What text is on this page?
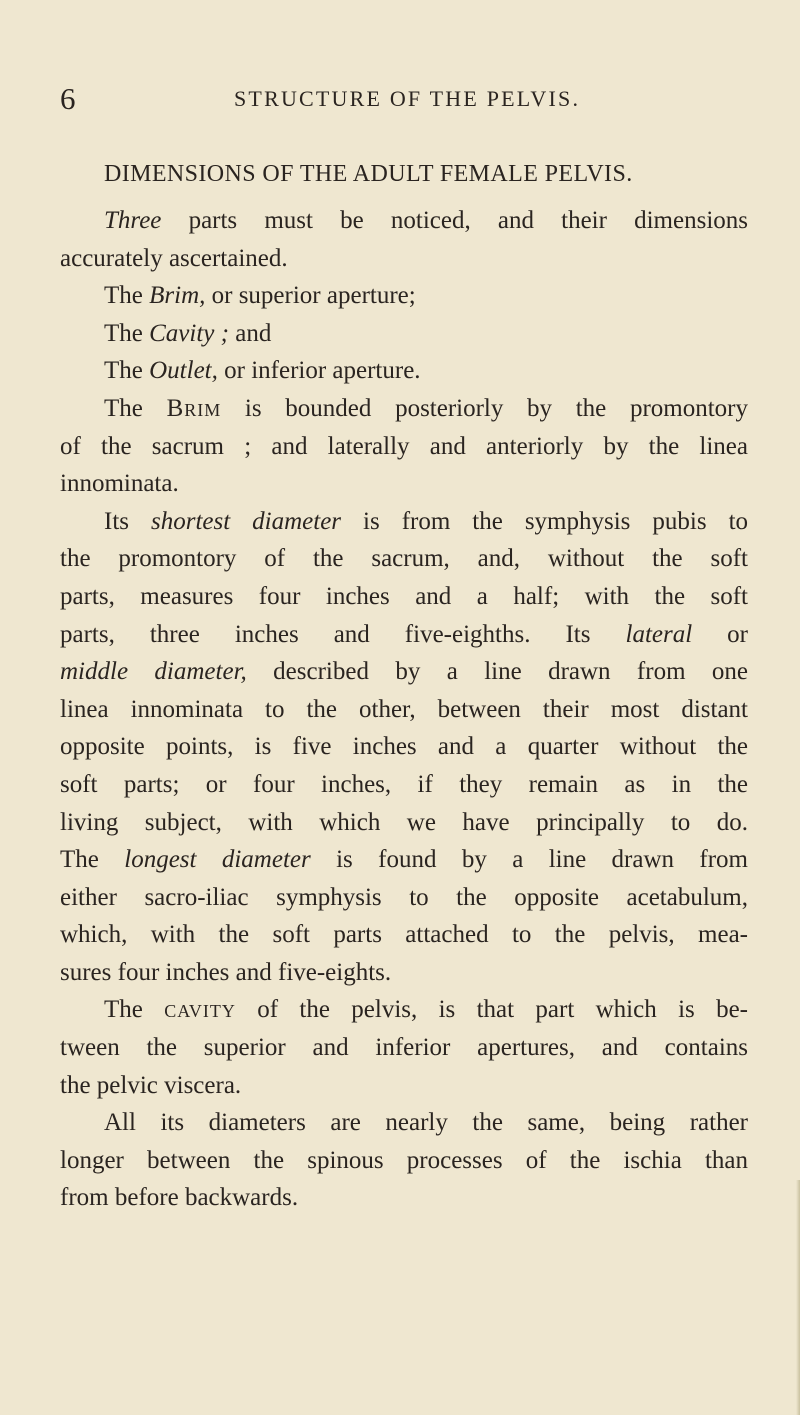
6	STRUCTURE OF THE PELVIS.
DIMENSIONS OF THE ADULT FEMALE PELVIS.
Three parts must be noticed, and their dimensions
accurately ascertained.
The Brim, or superior aperture;
The Cavity ; and
The Outlet, or inferior aperture.
The Brim is bounded posteriorly by the promontory
of the sacrum ; and laterally and anteriorly by the linea
innominata.
Its shortest diameter is from the symphysis pubis to
the promontory of the sacrum, and, without the soft
parts, measures four inches and a half; with the soft
parts, three inches and five-eighths. Its lateral or
middle diameter, described by a line drawn from one
linea innominata to the other, between their most distant
opposite points, is five inches and a quarter without the
soft parts; or four inches, if they remain as in the
living subject, with which we have principally to do.
The longest diameter is found by a line drawn from
either sacro-iliac symphysis to the opposite acetabulum,
which, with the soft parts attached to the pelvis, mea-
sures four inches and five-eights.
The cavity of the pelvis, is that part which is be-
tween the superior and inferior apertures, and contains
the pelvic viscera.
All its diameters are nearly the same, being rather
longer between the spinous processes of the ischia than
from before backwards.
